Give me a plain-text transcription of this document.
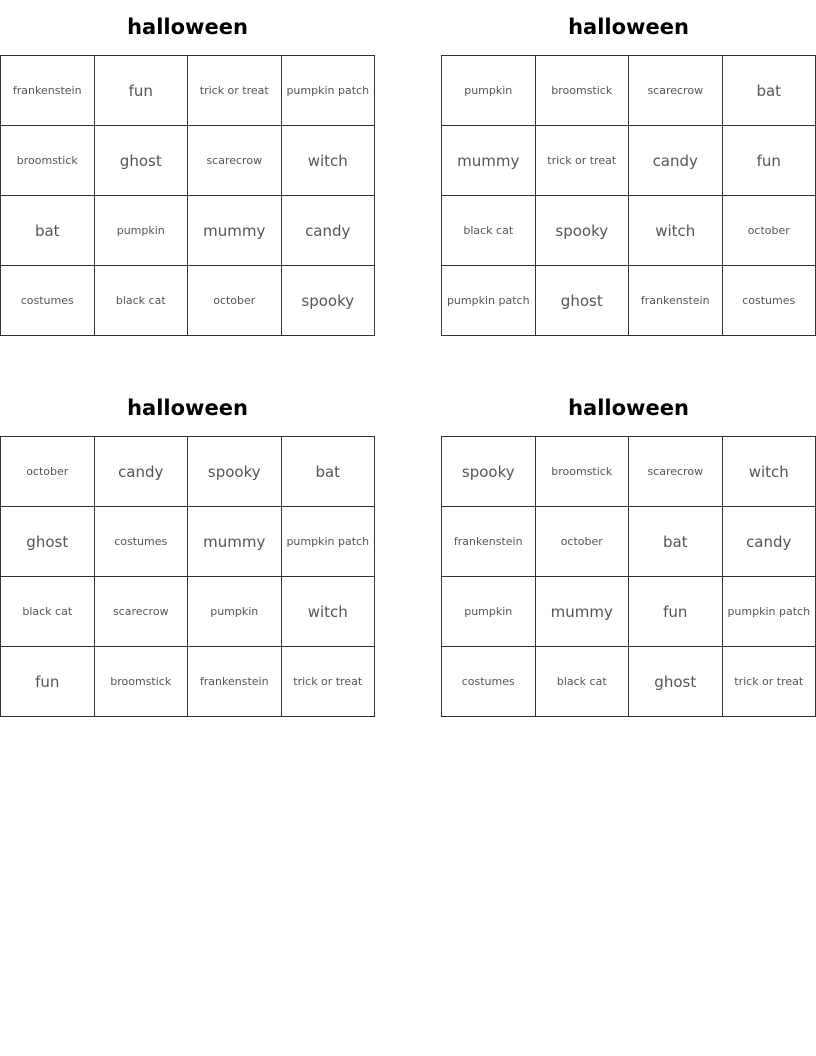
halloween
frankenstein	fun	trick or treat	pumpkin patch
broomstick	ghost	scarecrow	witch
bat	pumpkin	mummy	candy
costumes	black cat	october	spooky
halloween
pumpkin	broomstick	scarecrow	bat
mummy	trick or treat	candy	fun
black cat	spooky	witch	october
pumpkin patch	ghost	frankenstein	costumes
halloween
october	candy	spooky	bat
ghost	costumes	mummy	pumpkin patch
black cat	scarecrow	pumpkin	witch
fun	broomstick	frankenstein	trick or treat
halloween
spooky	broomstick	scarecrow	witch
frankenstein	october	bat	candy
pumpkin	mummy	fun	pumpkin patch
costumes	black cat	ghost	trick or treat
